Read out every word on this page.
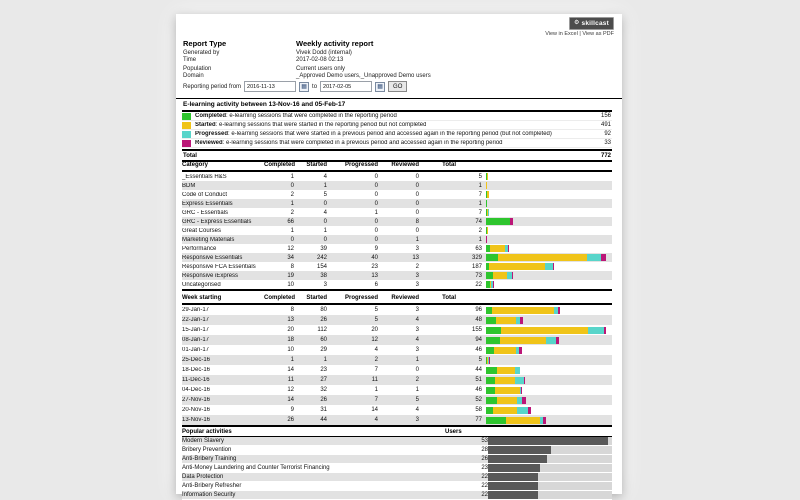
⚙ skillcast
View in Excel | View as PDF
Report Type	Weekly activity report
Generated by	Vivek Dodd (internal)
Time	2017-02-08 02:13
Population	Current users only
Domain	_Approved Demo users,_Unapproved Demo users
Reporting period from
2016-11-13	▦ to
2017-02-05	▦	GO
E-learning activity between 13-Nov-16 and 05-Feb-17
Completed: e-learning sessions that were completed in the reporting period	156
Started: e-learning sessions that were started in the reporting period but not completed	491
Progressed: e-learning sessions that were started in a previous period and accessed again in the reporting period (but not completed)	92
Reviewed: e-learning sessions that were completed in a previous period and accessed again in the reporting period	33
Total	772
Category	Completed	Started	Progressed	Reviewed	Total
_Essentials H&S	1	4	0	0	5
BDM	0	1	0	0	1
Code of Conduct	2	5	0	0	7
Express Essentials	1	0	0	0	1
GRC - Essentials	2	4	1	0	7
GRC - Express Essentials	66	0	0	8	74
Great Courses	1	1	0	0	2
Marketing Materials	0	0	0	1	1
Performance	12	39	9	3	63
Responsive Essentials	34	242	40	13	329
Responsive FCA Essentials	8	154	23	2	187
Responsive iExpress	19	38	13	3	73
Uncategorised	10	3	6	3	22
Week starting	Completed	Started	Progressed	Reviewed	Total
29-Jan-17	8	80	5	3	96
22-Jan-17	13	26	5	4	48
15-Jan-17	20	112	20	3	155
08-Jan-17	18	60	12	4	94
01-Jan-17	10	29	4	3	46
25-Dec-16	1	1	2	1	5
18-Dec-16	14	23	7	0	44
11-Dec-16	11	27	11	2	51
04-Dec-16	12	32	1	1	46
27-Nov-16	14	26	7	5	52
20-Nov-16	9	31	14	4	58
13-Nov-16	26	44	4	3	77
Popular activities	Users
Modern Slavery	53
Bribery Prevention	28
Anti-Bribery Training	26
Anti-Money Laundering and Counter Terrorist Financing	23
Data Protection	22
Anti-Bribery Refresher	22
Information Security	22
